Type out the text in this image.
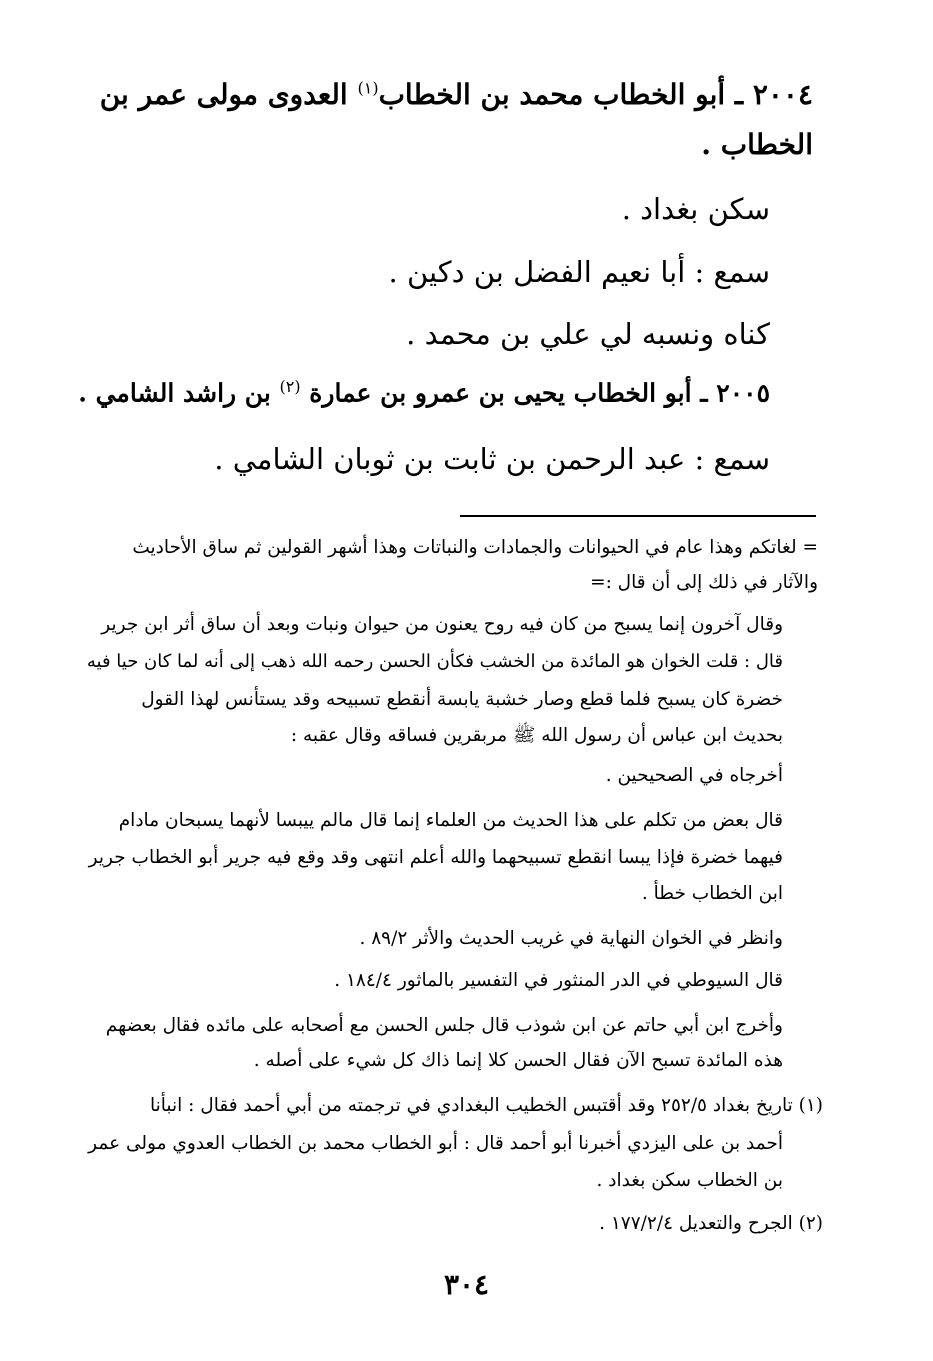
٢٠٠٤ ـ أبو الخطاب محمد بن الخطاب$^{(١)}$ العدوى مولى عمر بن
الخطاب .
سكن بغداد .
سمع : أبا نعيم الفضل بن دكين .
كناه ونسبه لي علي بن محمد .
٢٠٠٥ ـ أبو الخطاب يحيى بن عمرو بن عمارة $^{(٢)}$ بن راشد الشامي .
سمع : عبد الرحمن بن ثابت بن ثوبان الشامي .
= لغاتكم وهذا عام في الحيوانات والجمادات والنباتات وهذا أشهر القولين ثم ساق الأحاديث
والآثار في ذلك إلى أن قال :=
وقال آخرون إنما يسبح من كان فيه روح يعنون من حيوان ونبات وبعد أن ساق أثر ابن جرير
قال : قلت الخوان هو المائدة من الخشب فكأن الحسن رحمه الله ذهب إلى أنه لما كان حيا فيه
خضرة كان يسبح فلما قطع وصار خشبة يابسة أنقطع تسبيحه وقد يستأنس لهذا القول
بحديث ابن عباس أن رسول الله ﷺ مربقرين فساقه وقال عقبه :
أخرجاه في الصحيحين .
قال بعض من تكلم على هذا الحديث من العلماء إنما قال مالم ييبسا لأنهما يسبحان مادام
فيهما خضرة فإذا يبسا انقطع تسبيحهما والله أعلم انتهى وقد وقع فيه جرير أبو الخطاب جرير
ابن الخطاب خطأ .
وانظر في الخوان النهاية في غريب الحديث والأثر ٨٩/٢ .
قال السيوطي في الدر المنثور في التفسير بالماثور ١٨٤/٤ .
وأخرج ابن أبي حاتم عن ابن شوذب قال جلس الحسن مع أصحابه على مائده فقال بعضهم
هذه المائدة تسبح الآن فقال الحسن كلا إنما ذاك كل شيء على أصله .
(١) تاريخ بغداد ٢٥٢/٥ وقد أقتبس الخطيب البغدادي في ترجمته من أبي أحمد فقال : انبأنا
أحمد بن على اليزدي أخبرنا أبو أحمد قال : أبو الخطاب محمد بن الخطاب العدوي مولى عمر
بن الخطاب سكن بغداد .
(٢) الجرح والتعديل ١٧٧/٢/٤ .
٣٠٤
